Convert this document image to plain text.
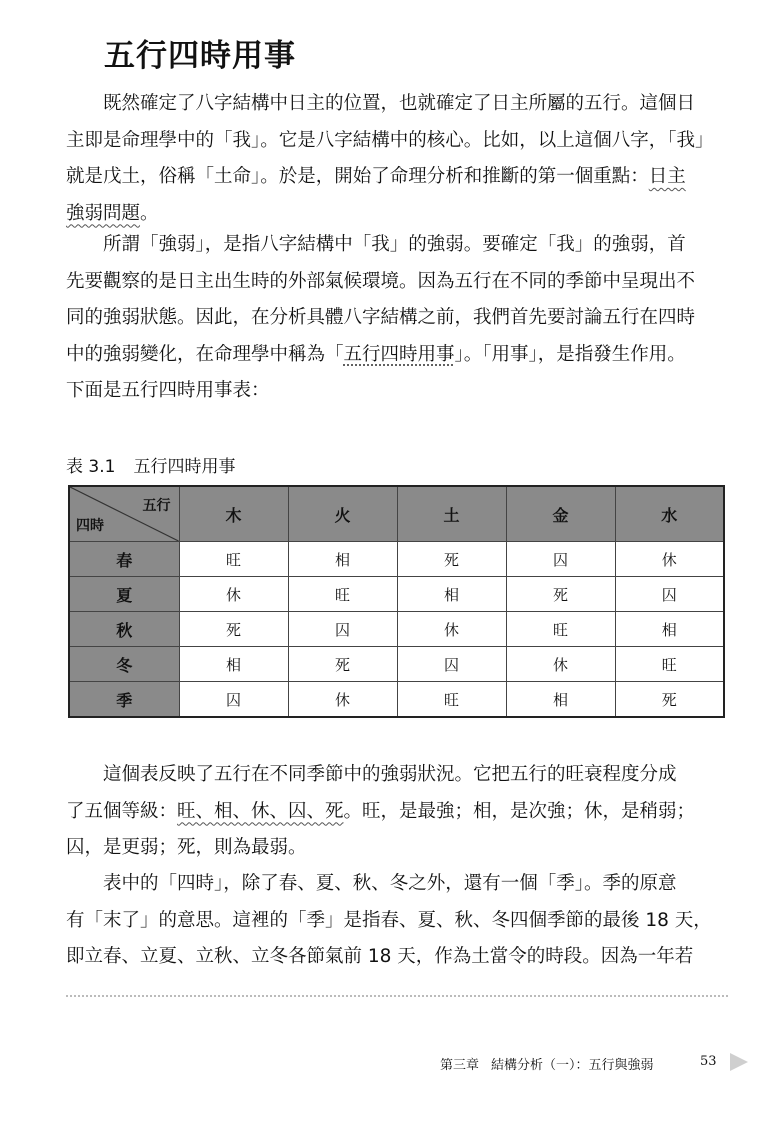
五行四時用事

既然確定了八字結構中日主的位置，也就確定了日主所屬的五行。這個日
主即是命理學中的「我」。它是八字結構中的核心。比如，以上這個八字，「我」
就是戊土，俗稱「土命」。於是，開始了命理分析和推斷的第一個重點：日主
強弱問題。

所謂「強弱」，是指八字結構中「我」的強弱。要確定「我」的強弱，首
先要觀察的是日主出生時的外部氣候環境。因為五行在不同的季節中呈現出不
同的強弱狀態。因此，在分析具體八字結構之前，我們首先要討論五行在四時
中的強弱變化，在命理學中稱為「五行四時用事」。「用事」，是指發生作用。
下面是五行四時用事表：

表 3.1 五行四時用事

五行
四時	木	火	土	金	水
春	旺	相	死	囚	休
夏	休	旺	相	死	囚
秋	死	囚	休	旺	相
冬	相	死	囚	休	旺
季	囚	休	旺	相	死

這個表反映了五行在不同季節中的強弱狀況。它把五行的旺衰程度分成
了五個等級：旺、相、休、囚、死。旺，是最強；相，是次強；休，是稍弱；
囚，是更弱；死，則為最弱。

表中的「四時」，除了春、夏、秋、冬之外，還有一個「季」。季的原意
有「末了」的意思。這裡的「季」是指春、夏、秋、冬四個季節的最後 18 天，
即立春、立夏、立秋、立冬各節氣前 18 天，作為土當令的時段。因為一年若

第三章 結構分析（一）：五行與強弱	53
